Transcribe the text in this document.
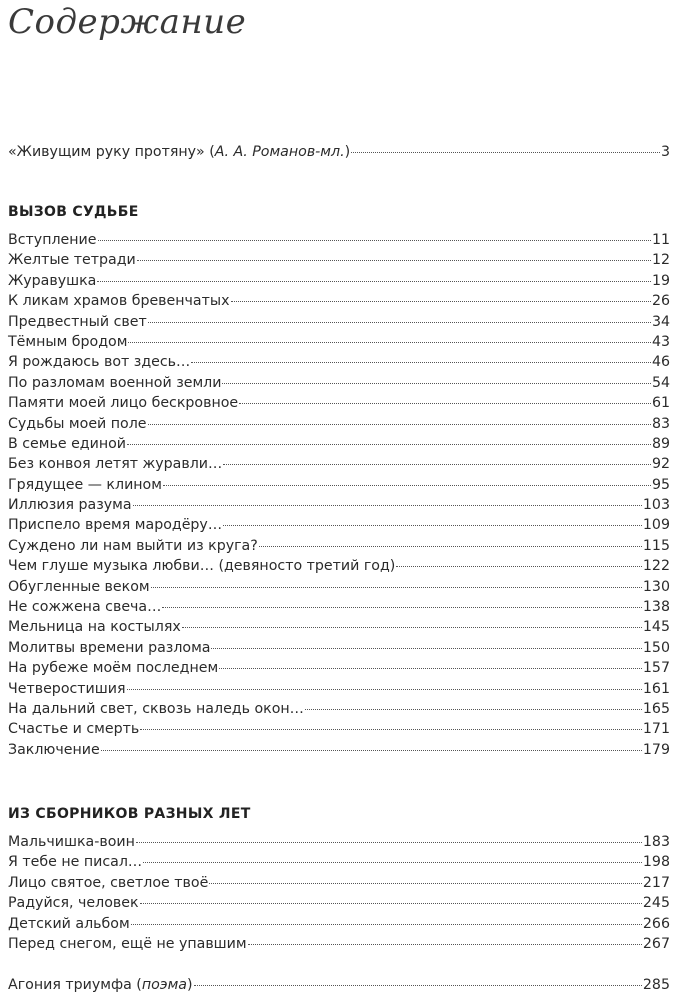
Содержание
«Живущим руку протяну» (А. А. Романов-мл.)	3
ВЫЗОВ СУДЬБЕ
Вступление	11
Желтые тетради	12
Журавушка	19
К ликам храмов бревенчатых	26
Предвестный свет	34
Тёмным бродом	43
Я рождаюсь вот здесь…	46
По разломам военной земли	54
Памяти моей лицо бескровное	61
Судьбы моей поле	83
В семье единой	89
Без конвоя летят журавли…	92
Грядущее — клином	95
Иллюзия разума	103
Приспело время мародёру…	109
Суждено ли нам выйти из круга?	115
Чем глуше музыка любви… (девяносто третий год)	122
Обугленные веком	130
Не сожжена свеча…	138
Мельница на костылях	145
Молитвы времени разлома	150
На рубеже моём последнем	157
Четверостишия	161
На дальний свет, сквозь наледь окон…	165
Счастье и смерть	171
Заключение	179
ИЗ СБОРНИКОВ РАЗНЫХ ЛЕТ
Мальчишка-воин	183
Я тебе не писал…	198
Лицо святое, светлое твоё	217
Радуйся, человек	245
Детский альбом	266
Перед снегом, ещё не упавшим	267
Агония триумфа (поэма)	285
